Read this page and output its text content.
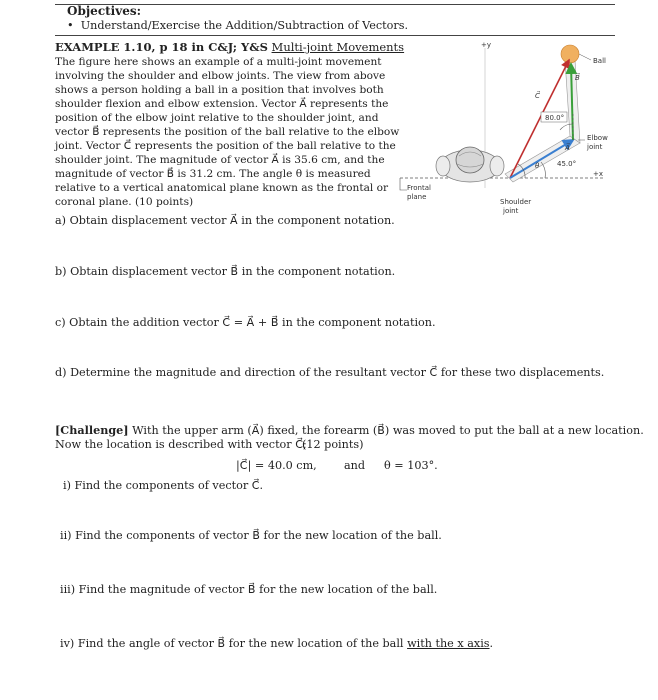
Objectives:
•  Understand/Exercise the Addition/Subtraction of Vectors.
EXAMPLE 1.10, p 18 in C&J; Y&S Multi-joint Movements
The figure here shows an example of a multi-joint movement
involving the shoulder and elbow joints. The view from above
shows a person holding a ball in a position that involves both
shoulder flexion and elbow extension. Vector A⃗ represents the
position of the elbow joint relative to the shoulder joint, and
vector B⃗ represents the position of the ball relative to the elbow
joint. Vector C⃗ represents the position of the ball relative to the
shoulder joint. The magnitude of vector A⃗ is 35.6 cm, and the
magnitude of vector B⃗ is 31.2 cm. The angle θ is measured
relative to a vertical anatomical plane known as the frontal or
coronal plane. (10 points)
+y
+x
Frontal
plane
Ball
C⃗
A⃗
B⃗
80.0°
45.0°
θ
Elbow
joint
Shoulder
joint
a) Obtain displacement vector A⃗ in the component notation.
b) Obtain displacement vector B⃗ in the component notation.
c) Obtain the addition vector C⃗ = A⃗ + B⃗ in the component notation.
d) Determine the magnitude and direction of the resultant vector C⃗ for these two displacements.
[Challenge] With the upper arm (A⃗) fixed, the forearm (B⃗) was moved to put the ball at a new location.
Now the location is described with vector C⃗;
(12 points)
|C⃗| = 40.0 cm, and θ = 103°.
i) Find the components of vector C⃗.
ii) Find the components of vector B⃗ for the new location of the ball.
iii) Find the magnitude of vector B⃗ for the new location of the ball.
iv) Find the angle of vector B⃗ for the new location of the ball with the x axis.
